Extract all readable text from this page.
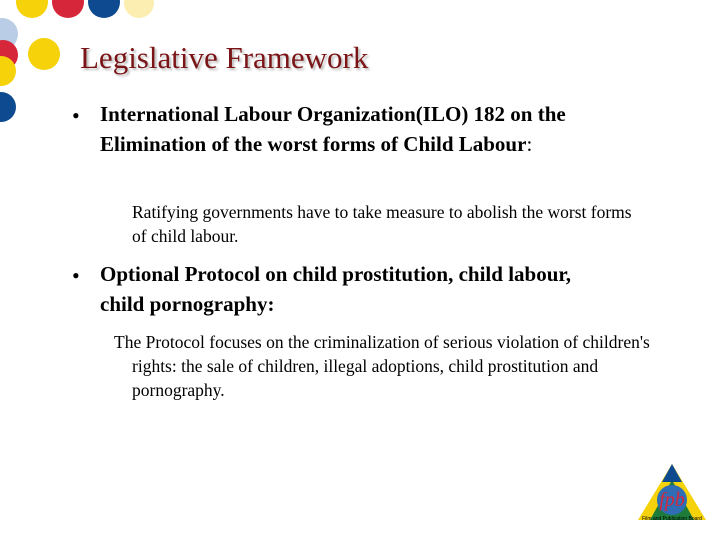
Legislative Framework
• International Labour Organization(ILO) 182 on the Elimination of the worst forms of Child Labour:
Ratifying governments have to take measure to abolish the worst forms of child labour.
• Optional Protocol on child prostitution, child labour, child pornography:
The Protocol focuses on the criminalization of serious violation of children's rights: the sale of children, illegal adoptions, child prostitution and pornography.
fpb
Film and Publication Board
